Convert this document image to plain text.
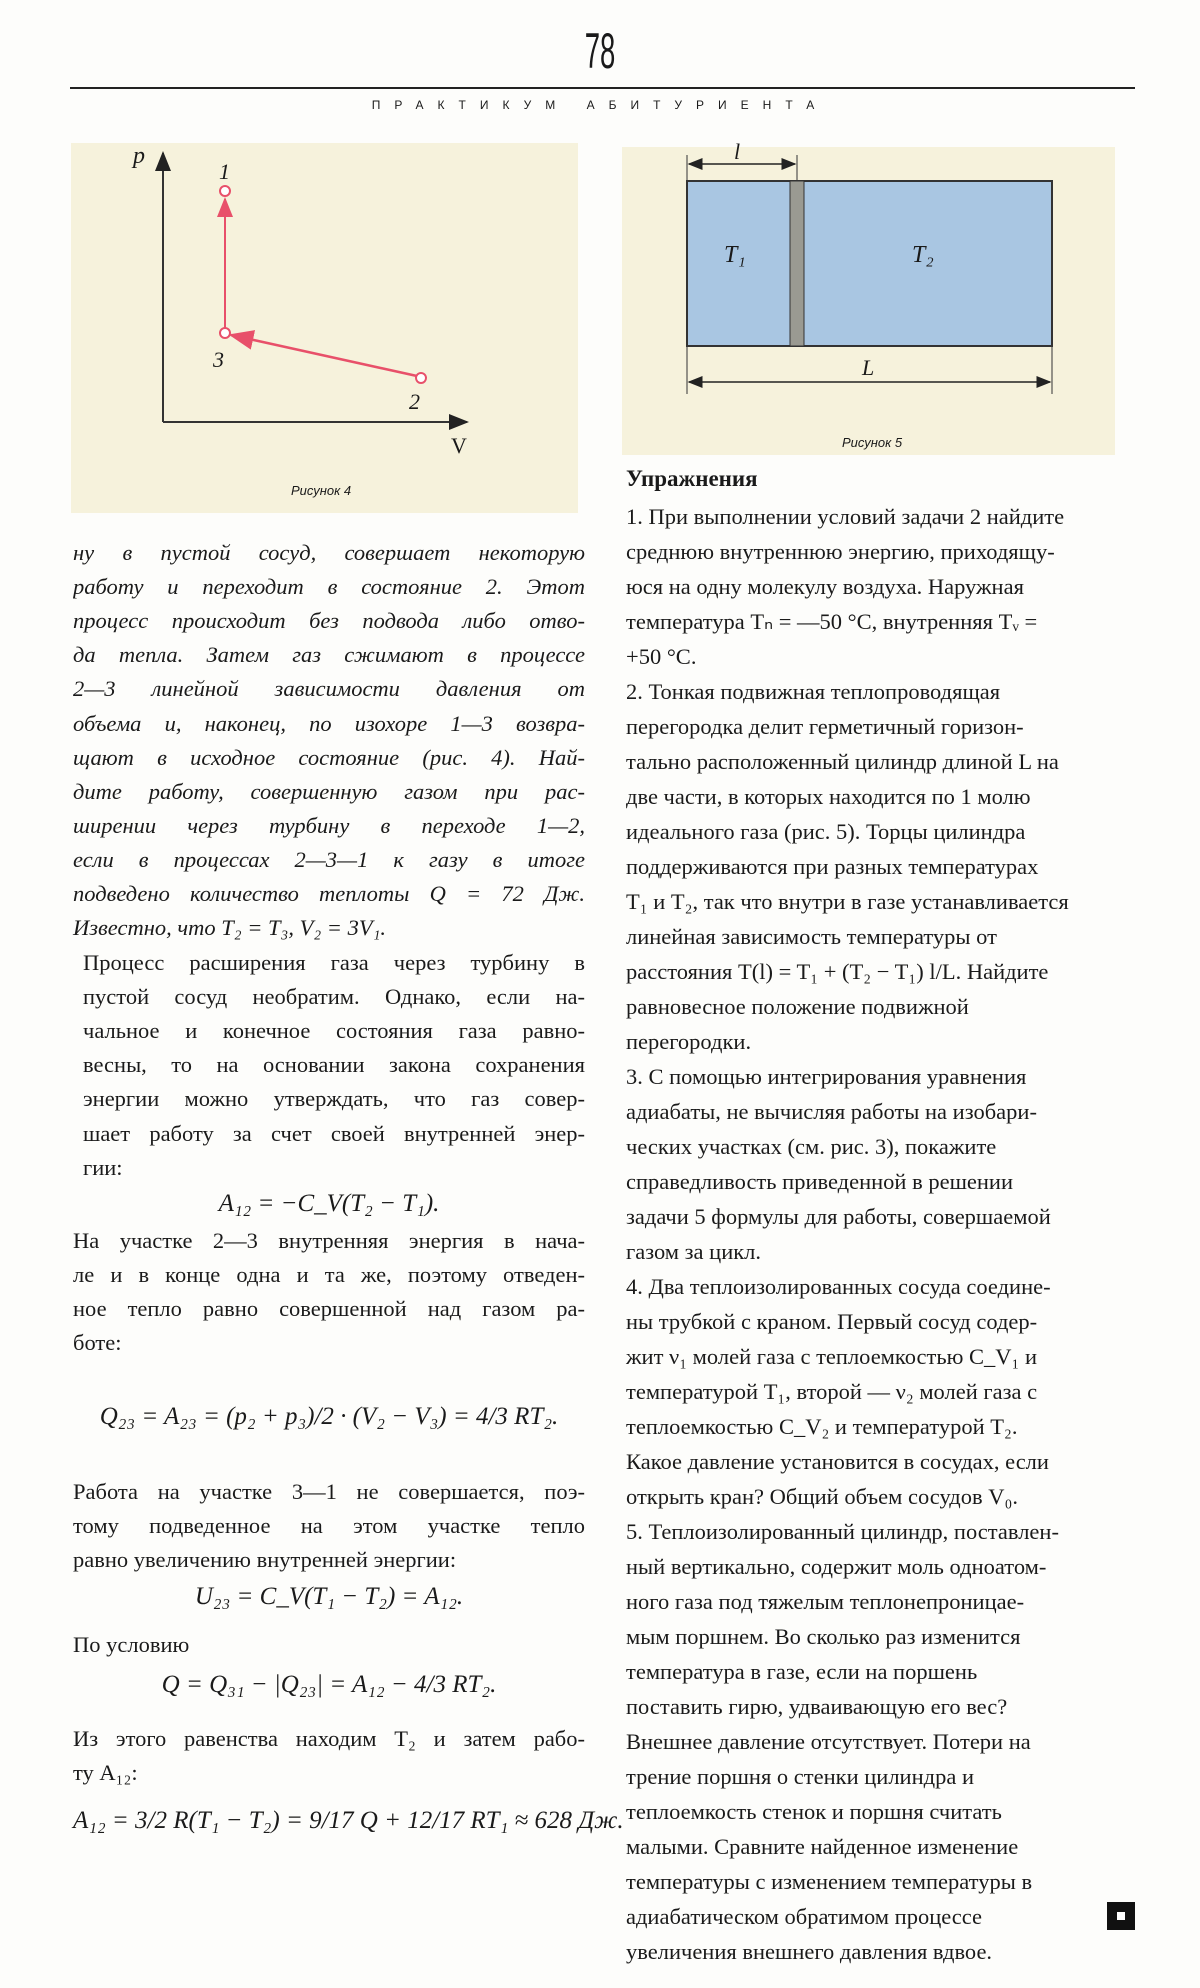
78
ПРАКТИКУМ АБИТУРИЕНТА
p
V
1
3
2
Рисунок 4
l
L
T₁	T₂
Рисунок 5
Упражнения
ну в пустой сосуд, совершает некоторую
работу и переходит в состояние 2. Этот
процесс происходит без подвода либо отво-
да тепла. Затем газ сжимают в процессе
2—3 линейной зависимости давления от
объема и, наконец, по изохоре 1—3 возвра-
щают в исходное состояние (рис. 4). Най-
дите работу, совершенную газом при рас-
ширении через турбину в переходе 1—2,
если в процессах 2—3—1 к газу в итоге
подведено количество теплоты Q = 72 Дж.
Известно, что T₂ = T₃, V₂ = 3V₁.
Процесс расширения газа через турбину в
пустой сосуд необратим. Однако, если на-
чальное и конечное состояния газа равно-
весны, то на основании закона сохранения
энергии можно утверждать, что газ совер-
шает работу за счет своей внутренней энер-
гии:
A₁₂ = −C_V(T₂ − T₁).
На участке 2—3 внутренняя энергия в нача-
ле и в конце одна и та же, поэтому отведен-
ное тепло равно совершенной над газом ра-
боте:
Q₂₃ = A₂₃ = (p₂ + p₃)/2 · (V₂ − V₃) = 4/3 RT₂.
Работа на участке 3—1 не совершается, поэ-
тому подведенное на этом участке тепло
равно увеличению внутренней энергии:
U₂₃ = C_V(T₁ − T₂) = A₁₂.
По условию
Q = Q₃₁ − |Q₂₃| = A₁₂ − 4/3 RT₂.
Из этого равенства находим T₂ и затем рабо-
ту A₁₂:
A₁₂ = 3/2 R(T₁ − T₂) = 9/17 Q + 12/17 RT₁ ≈ 628 Дж.
1. При выполнении условий задачи 2 найдите
среднюю внутреннюю энергию, приходящу-
юся на одну молекулу воздуха. Наружная
температура Tₙ = —50 °C, внутренняя Tᵥ =
+50 °C.
2. Тонкая подвижная теплопроводящая
перегородка делит герметичный горизон-
тально расположенный цилиндр длиной L на
две части, в которых находится по 1 молю
идеального газа (рис. 5). Торцы цилиндра
поддерживаются при разных температурах
T₁ и T₂, так что внутри в газе устанавливается
линейная зависимость температуры от
расстояния T(l) = T₁ + (T₂ − T₁) l/L. Найдите
равновесное положение подвижной
перегородки.
3. С помощью интегрирования уравнения
адиабаты, не вычисляя работы на изобари-
ческих участках (см. рис. 3), покажите
справедливость приведенной в решении
задачи 5 формулы для работы, совершаемой
газом за цикл.
4. Два теплоизолированных сосуда соедине-
ны трубкой с краном. Первый сосуд содер-
жит ν₁ молей газа с теплоемкостью C_V₁ и
температурой T₁, второй — ν₂ молей газа с
теплоемкостью C_V₂ и температурой T₂.
Какое давление установится в сосудах, если
открыть кран? Общий объем сосудов V₀.
5. Теплоизолированный цилиндр, поставлен-
ный вертикально, содержит моль одноатом-
ного газа под тяжелым теплонепроницае-
мым поршнем. Во сколько раз изменится
температура в газе, если на поршень
поставить гирю, удваивающую его вес?
Внешнее давление отсутствует. Потери на
трение поршня о стенки цилиндра и
теплоемкость стенок и поршня считать
малыми. Сравните найденное изменение
температуры с изменением температуры в
адиабатическом обратимом процессе
увеличения внешнего давления вдвое.
